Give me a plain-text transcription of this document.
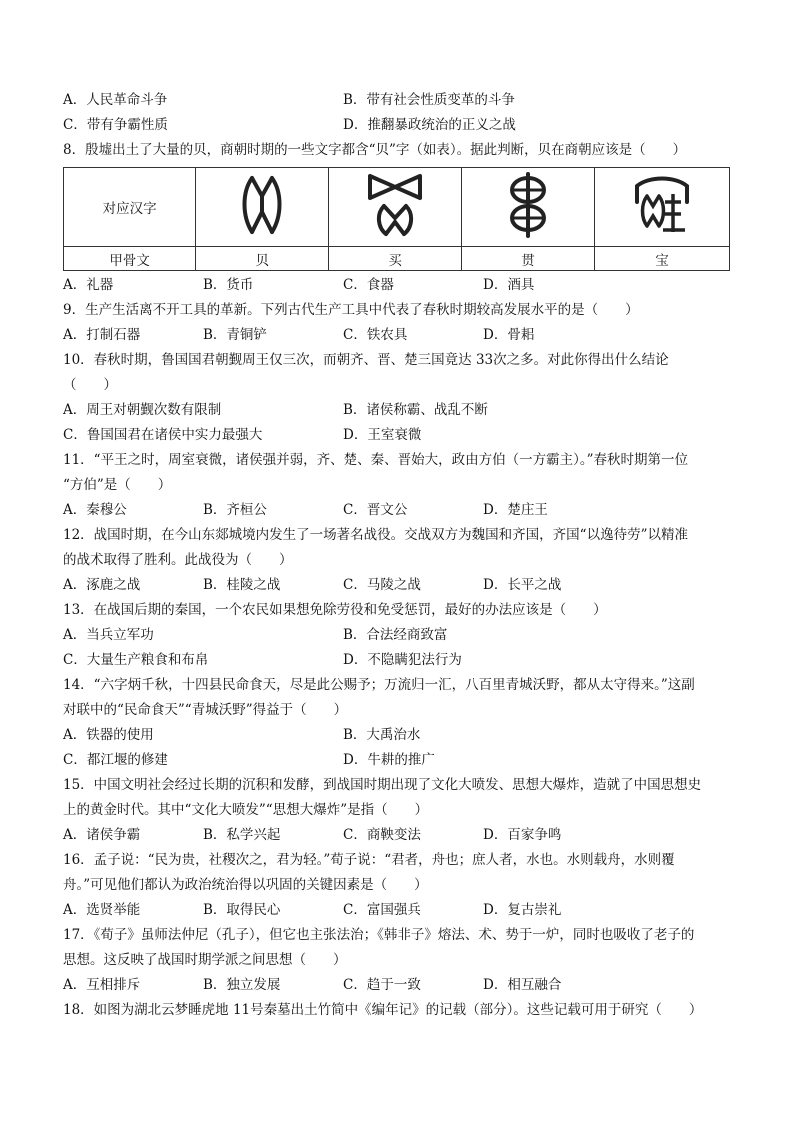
A．人民革命斗争	B．带有社会性质变革的斗争
C．带有争霸性质	D．推翻暴政统治的正义之战
8．殷墟出土了大量的贝，商朝时期的一些文字都含“贝”字（如表）。据此判断，贝在商朝应该是（　　）
对应汉字				
甲骨文	贝	买	贯	宝
A．礼器	B．货币	C．食器	D．酒具
9．生产生活离不开工具的革新。下列古代生产工具中代表了春秋时期较高发展水平的是（　　）
A．打制石器	B．青铜铲	C．铁农具	D．骨耜
10．春秋时期，鲁国国君朝觐周王仅三次，而朝齐、晋、楚三国竟达 33次之多。对此你得出什么结论
（　　）
A．周王对朝觐次数有限制	B．诸侯称霸、战乱不断
C．鲁国国君在诸侯中实力最强大	D．王室衰微
11．“平王之时，周室衰微，诸侯强并弱，齐、楚、秦、晋始大，政由方伯（一方霸主）。”春秋时期第一位
“方伯”是（　　）
A．秦穆公	B．齐桓公	C．晋文公	D．楚庄王
12．战国时期，在今山东郯城境内发生了一场著名战役。交战双方为魏国和齐国，齐国“以逸待劳”以精准
的战术取得了胜利。此战役为（　　）
A．涿鹿之战	B．桂陵之战	C．马陵之战	D．长平之战
13．在战国后期的秦国，一个农民如果想免除劳役和免受惩罚，最好的办法应该是（　　）
A．当兵立军功	B．合法经商致富
C．大量生产粮食和布帛	D．不隐瞒犯法行为
14．“六字炳千秋，十四县民命食天，尽是此公赐予；万流归一汇，八百里青城沃野，都从太守得来。”这副
对联中的“民命食天”“青城沃野”得益于（　　）
A．铁器的使用	B．大禹治水
C．都江堰的修建	D．牛耕的推广
15．中国文明社会经过长期的沉积和发酵，到战国时期出现了文化大喷发、思想大爆炸，造就了中国思想史
上的黄金时代。其中“文化大喷发”“思想大爆炸”是指（　　）
A．诸侯争霸	B．私学兴起	C．商鞅变法	D．百家争鸣
16．孟子说：“民为贵，社稷次之，君为轻。”荀子说：“君者，舟也；庶人者，水也。水则载舟，水则覆
舟。”可见他们都认为政治统治得以巩固的关键因素是（　　）
A．选贤举能	B．取得民心	C．富国强兵	D．复古崇礼
17．《荀子》虽师法仲尼（孔子），但它也主张法治；《韩非子》熔法、术、势于一炉，同时也吸收了老子的
思想。这反映了战国时期学派之间思想（　　）
A．互相排斥	B．独立发展	C．趋于一致	D．相互融合
18．如图为湖北云梦睡虎地 11号秦墓出土竹简中《编年记》的记载（部分）。这些记载可用于研究（　　）
